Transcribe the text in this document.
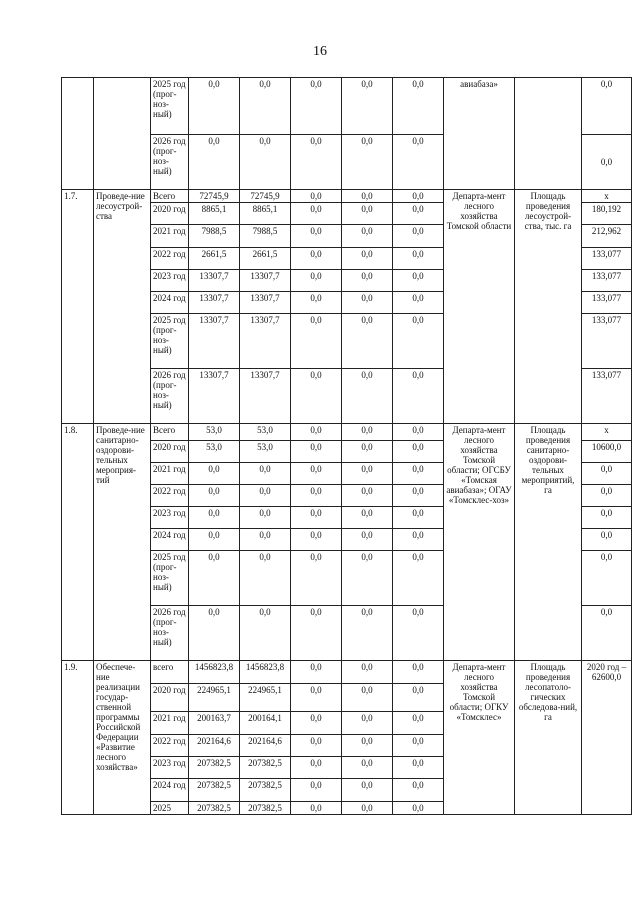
16
		2025 год (прог-ноз-ный)	0,0	0,0	0,0	0,0	0,0	авиабаза»		0,0
		2026 год (прог-ноз-ный)	0,0	0,0	0,0	0,0	0,0			0,0
1.7.	Проведе-ние лесоустрой-ства	Всего	72745,9	72745,9	0,0	0,0	0,0	Департа-мент лесного хозяйства Томской области	Площадь проведения лесоустрой-ства, тыс. га	х
		2020 год	8865,1	8865,1	0,0	0,0	0,0			180,192
		2021 год	7988,5	7988,5	0,0	0,0	0,0			212,962
		2022 год	2661,5	2661,5	0,0	0,0	0,0			133,077
		2023 год	13307,7	13307,7	0,0	0,0	0,0			133,077
		2024 год	13307,7	13307,7	0,0	0,0	0,0			133,077
		2025 год (прог-ноз-ный)	13307,7	13307,7	0,0	0,0	0,0			133,077
		2026 год (прог-ноз-ный)	13307,7	13307,7	0,0	0,0	0,0			133,077
1.8.	Проведе-ние санитарно-оздорови-тельных мероприя-тий	Всего	53,0	53,0	0,0	0,0	0,0	Департа-мент лесного хозяйства Томской области; ОГСБУ «Томская авиабаза»; ОГАУ «Томсклес-хоз»	Площадь проведения санитарно-оздорови-тельных мероприятий, га	х
		2020 год	53,0	53,0	0,0	0,0	0,0			10600,0
		2021 год	0,0	0,0	0,0	0,0	0,0			0,0
		2022 год	0,0	0,0	0,0	0,0	0,0			0,0
		2023 год	0,0	0,0	0,0	0,0	0,0			0,0
		2024 год	0,0	0,0	0,0	0,0	0,0			0,0
		2025 год (прог-ноз-ный)	0,0	0,0	0,0	0,0	0,0			0,0
		2026 год (прог-ноз-ный)	0,0	0,0	0,0	0,0	0,0			0,0
1.9.	Обеспече-ние реализации государ-ственной программы Российской Федерации «Развитие лесного хозяйства»	всего	1456823,8	1456823,8	0,0	0,0	0,0	Департа-мент лесного хозяйства Томской области; ОГКУ «Томсклес»	Площадь проведения лесопатоло-гических обследова-ний, га	2020 год – 62600,0
		2020 год	224965,1	224965,1	0,0	0,0	0,0			
		2021 год	200163,7	200164,1	0,0	0,0	0,0			
		2022 год	202164,6	202164,6	0,0	0,0	0,0			
		2023 год	207382,5	207382,5	0,0	0,0	0,0			
		2024 год	207382,5	207382,5	0,0	0,0	0,0			
		2025	207382,5	207382,5	0,0	0,0	0,0			
